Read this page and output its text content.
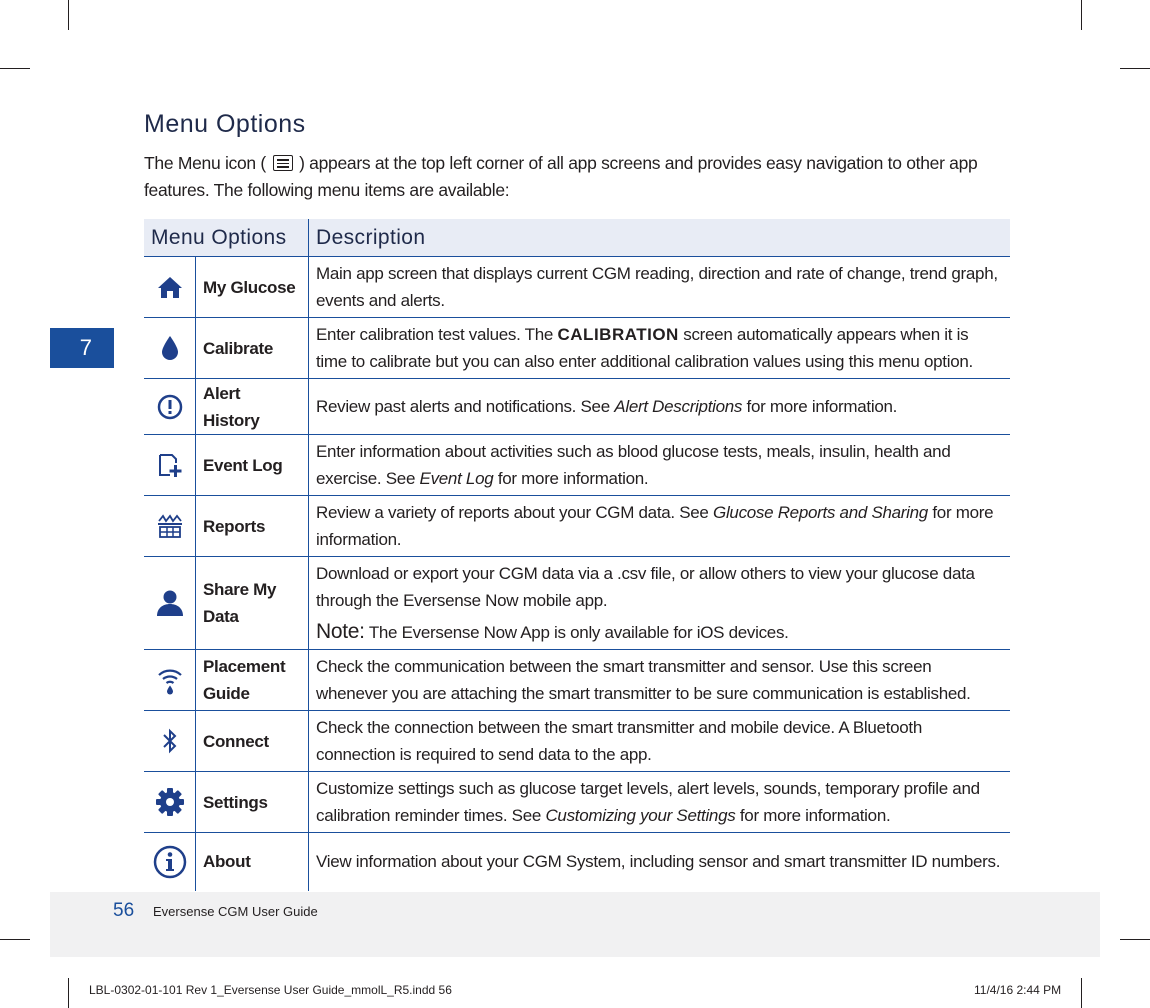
7
Menu Options
The Menu icon ( ) appears at the top left corner of all app screens and provides easy navigation to other app features. The following menu items are available:
Menu Options		Description

	My Glucose	Main app screen that displays current CGM reading, direction and rate of change, trend graph, events and alerts.

	Calibrate	Enter calibration test values. The CALIBRATION screen automatically appears when it is time to calibrate but you can also enter additional calibration values using this menu option.

	Alert History	Review past alerts and notifications. See Alert Descriptions for more information.

	Event Log	Enter information about activities such as blood glucose tests, meals, insulin, health and exercise. See Event Log for more information.

	Reports	Review a variety of reports about your CGM data. See Glucose Reports and Sharing for more information.

	Share My Data	Download or export your CGM data via a .csv file, or allow others to view your glucose data through the Eversense Now mobile app.
Note: The Eversense Now App is only available for iOS devices.

	Placement Guide	Check the communication between the smart transmitter and sensor. Use this screen whenever you are attaching the smart transmitter to be sure communication is established.

	Connect	Check the connection between the smart transmitter and mobile device. A Bluetooth connection is required to send data to the app.

	Settings	Customize settings such as glucose target levels, alert levels, sounds, temporary profile and calibration reminder times. See Customizing your Settings for more information.

	About	View information about your CGM System, including sensor and smart transmitter ID numbers.
56 Eversense CGM User Guide
LBL-0302-01-101 Rev 1_Eversense User Guide_mmolL_R5.indd 56	11/4/16 2:44 PM
